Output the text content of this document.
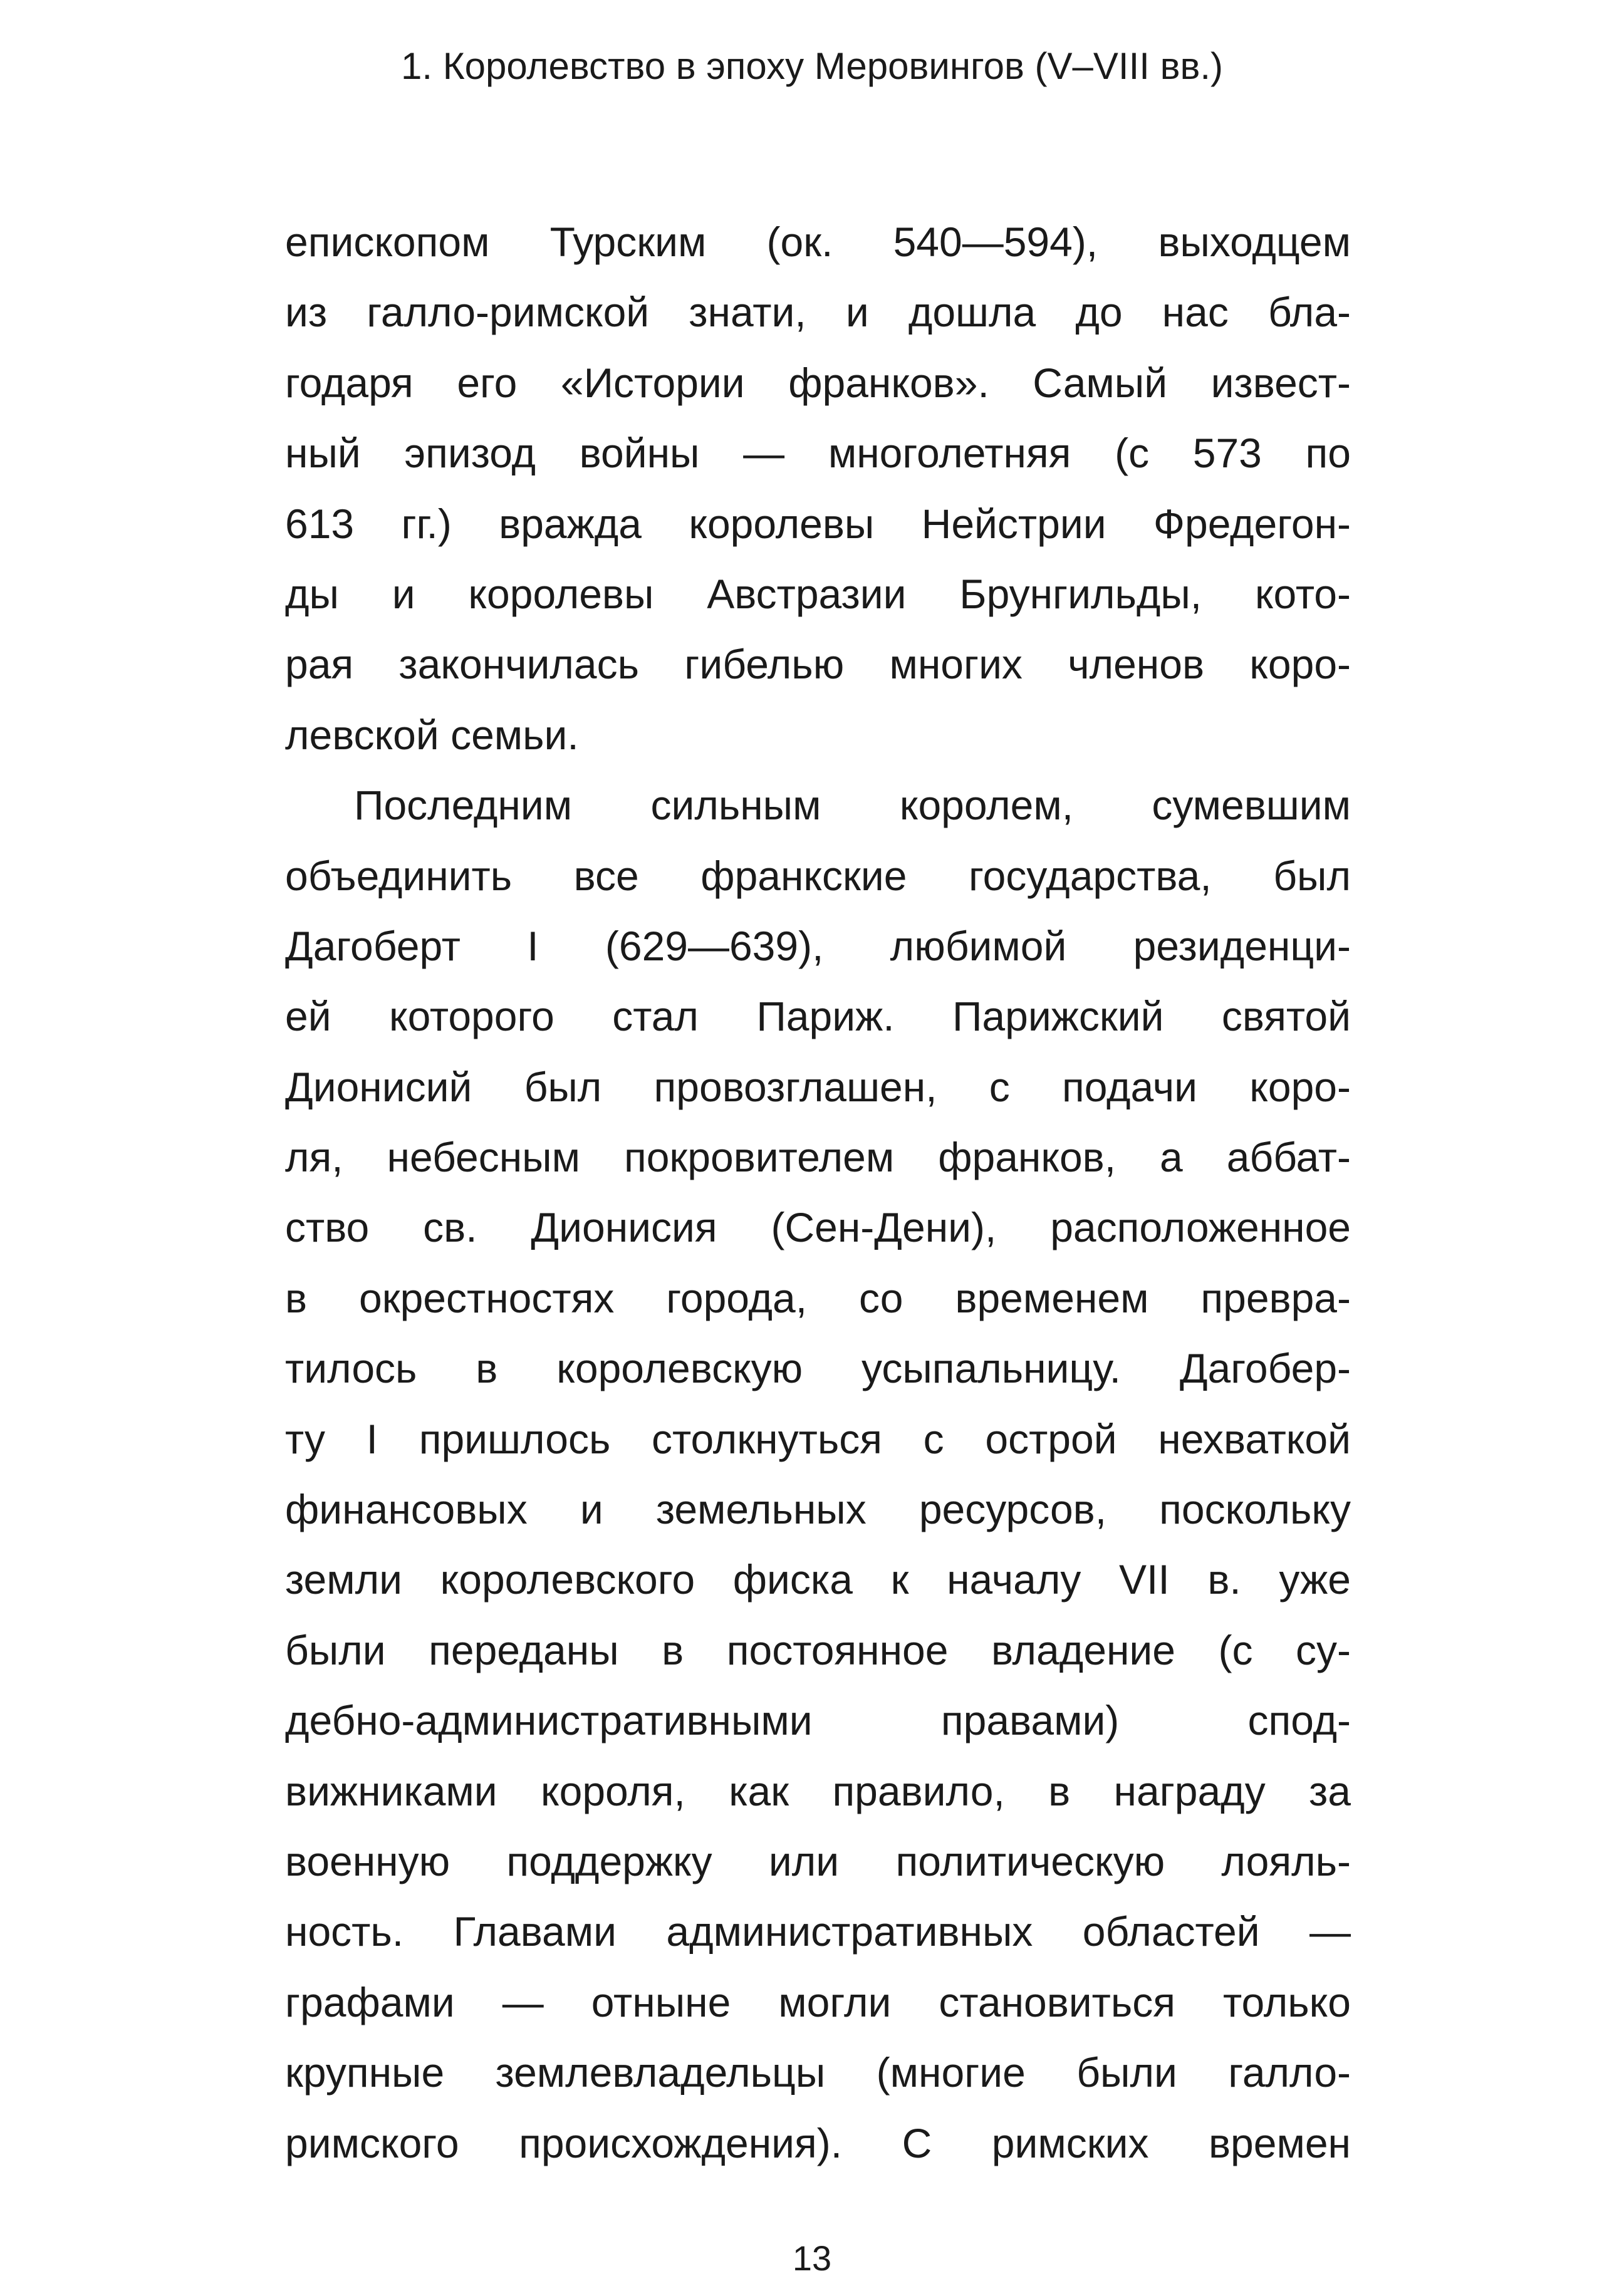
1. Королевство в эпоху Меровингов (V–VIII вв.)
епископом Турским (ок. 540—594), выходцем
из галло-римской знати, и дошла до нас бла-
годаря его «Истории франков». Самый извест-
ный эпизод войны — многолетняя (с 573 по
613 гг.) вражда королевы Нейстрии Фредегон-
ды и королевы Австразии Брунгильды, кото-
рая закончилась гибелью многих членов коро-
левской семьи.
Последним сильным королем, сумевшим
объединить все франкские государства, был
Дагоберт I (629—639), любимой резиденци-
ей которого стал Париж. Парижский святой
Дионисий был провозглашен, с подачи коро-
ля, небесным покровителем франков, а аббат-
ство св. Дионисия (Сен-Дени), расположенное
в окрестностях города, со временем превра-
тилось в королевскую усыпальницу. Дагобер-
ту I пришлось столкнуться с острой нехваткой
финансовых и земельных ресурсов, поскольку
земли королевского фиска к началу VII в. уже
были переданы в постоянное владение (с су-
дебно-административными правами) спод-
вижниками короля, как правило, в награду за
военную поддержку или политическую лояль-
ность. Главами административных областей —
графами — отныне могли становиться только
крупные землевладельцы (многие были галло-
римского происхождения). С римских времен
13
